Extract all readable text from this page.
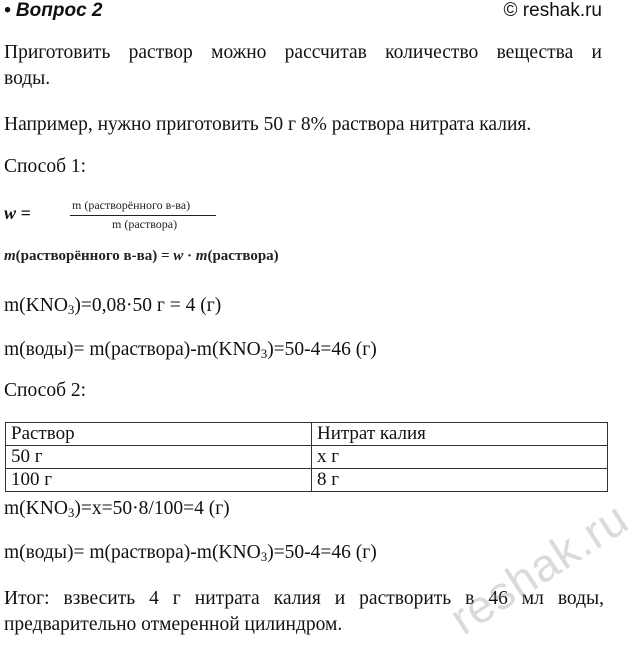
• Вопрос 2	© reshak.ru
Приготовить раствор можно рассчитав количество вещества и
воды.
Например, нужно приготовить 50 г 8% раствора нитрата калия.
Способ 1:
w =	m (растворённого в-ва)
m (раствора)
m(растворённого в-ва) = w · m(раствора)
$m(KNO_3)=0,08\cdot 50$ г = 4 (г)
m(воды)= $m(раствора)-m(KNO_3)=50-4=46$ (г)
Способ 2:
Раствор	Нитрат калия
50 г	х г
100 г	8 г
$m(KNO_3)=x=50\cdot 8/100=4$ (г)
m(воды)= $m(раствора)-m(KNO_3)=50-4=46$ (г)
Итог: взвесить 4 г нитрата калия и растворить в 46 мл воды,
предварительно отмеренной цилиндром. reshak.ru
